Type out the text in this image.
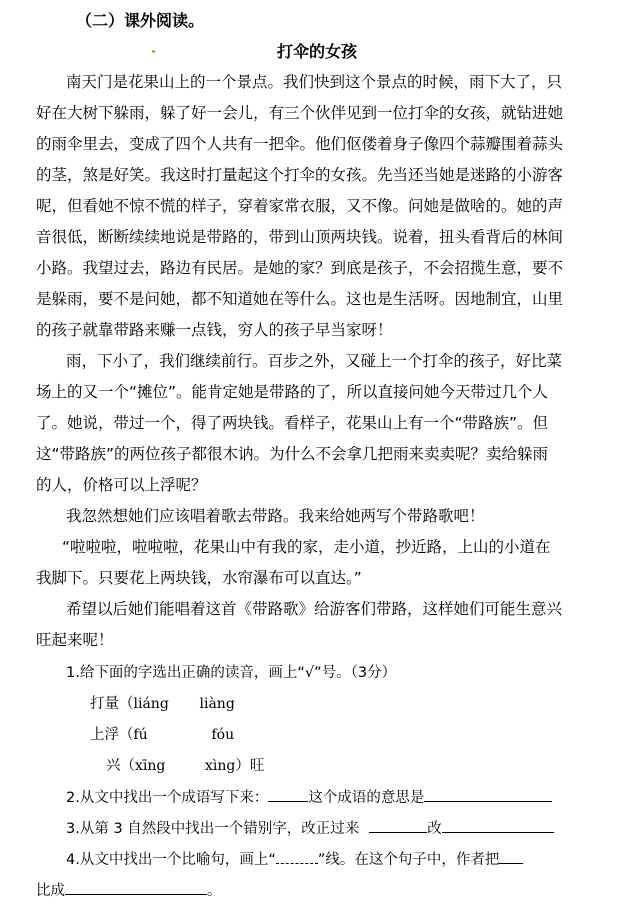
（二）课外阅读。
打伞的女孩
南天门是花果山上的一个景点。我们快到这个景点的时候，雨下大了，只
好在大树下躲雨，躲了好一会儿，有三个伙伴见到一位打伞的女孩，就钻进她
的雨伞里去，变成了四个人共有一把伞。他们伛偻着身子像四个蒜瓣围着蒜头
的茎，煞是好笑。我这时打量起这个打伞的女孩。先当还当她是迷路的小游客
呢，但看她不惊不慌的样子，穿着家常衣服，又不像。问她是做啥的。她的声
音很低，断断续续地说是带路的，带到山顶两块钱。说着，扭头看背后的林间
小路。我望过去，路边有民居。是她的家？到底是孩子，不会招揽生意，要不
是躲雨，要不是问她，都不知道她在等什么。这也是生活呀。因地制宜，山里
的孩子就靠带路来赚一点钱，穷人的孩子早当家呀！
雨，下小了，我们继续前行。百步之外，又碰上一个打伞的孩子，好比菜
场上的又一个“摊位”。能肯定她是带路的了，所以直接问她今天带过几个人
了。她说，带过一个，得了两块钱。看样子，花果山上有一个“带路族”。但
这“带路族”的两位孩子都很木讷。为什么不会拿几把雨来卖卖呢？卖给躲雨
的人，价格可以上浮呢？
我忽然想她们应该唱着歌去带路。我来给她两写个带路歌吧！
“啦啦啦，啦啦啦，花果山中有我的家，走小道，抄近路，上山的小道在
我脚下。只要花上两块钱，水帘瀑布可以直达。”
希望以后她们能唱着这首《带路歌》给游客们带路，这样她们可能生意兴
旺起来呢！
1.给下面的字选出正确的读音，画上“√”号。（3分）
打量（liáng liàng
上浮（fú	fóu
兴（xīng	xìng）旺
2.从文中找出一个成语写下来：	这个成语的意思是
3.从第 3 自然段中找出一个错别字，改正过来	改
4.从文中找出一个比喻句，画上“	”线。在这个句子中，作者把
比成	。
